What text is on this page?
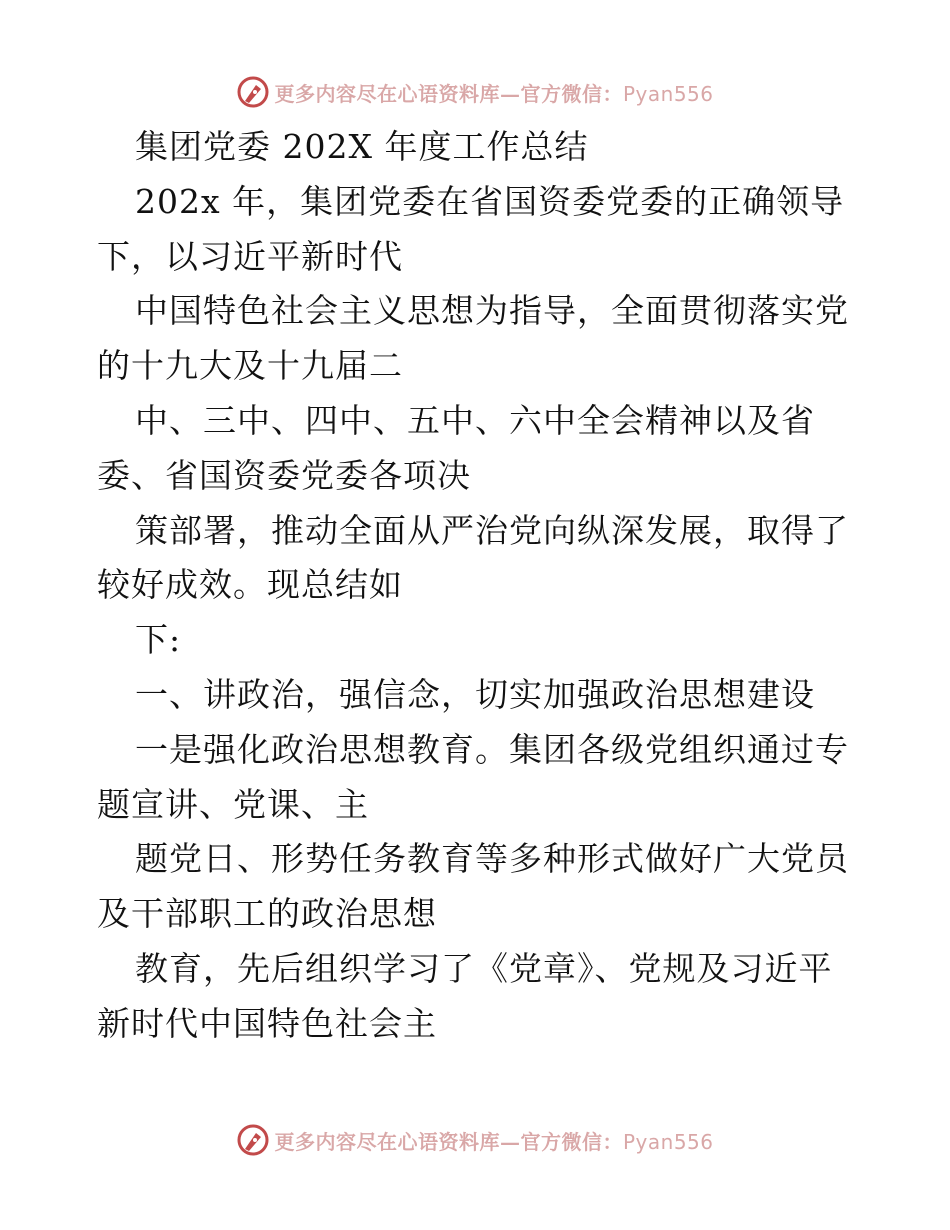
更多内容尽在心语资料库—官方微信：Pyan556
集团党委 202X 年度工作总结
202x 年，集团党委在省国资委党委的正确领导
下，以习近平新时代
中国特色社会主义思想为指导，全面贯彻落实党
的十九大及十九届二
中、三中、四中、五中、六中全会精神以及省
委、省国资委党委各项决
策部署，推动全面从严治党向纵深发展，取得了
较好成效。现总结如
下:
一、讲政治，强信念，切实加强政治思想建设
一是强化政治思想教育。集团各级党组织通过专
题宣讲、党课、主
题党日、形势任务教育等多种形式做好广大党员
及干部职工的政治思想
教育，先后组织学习了《党章》、党规及习近平
新时代中国特色社会主
更多内容尽在心语资料库—官方微信：Pyan556
